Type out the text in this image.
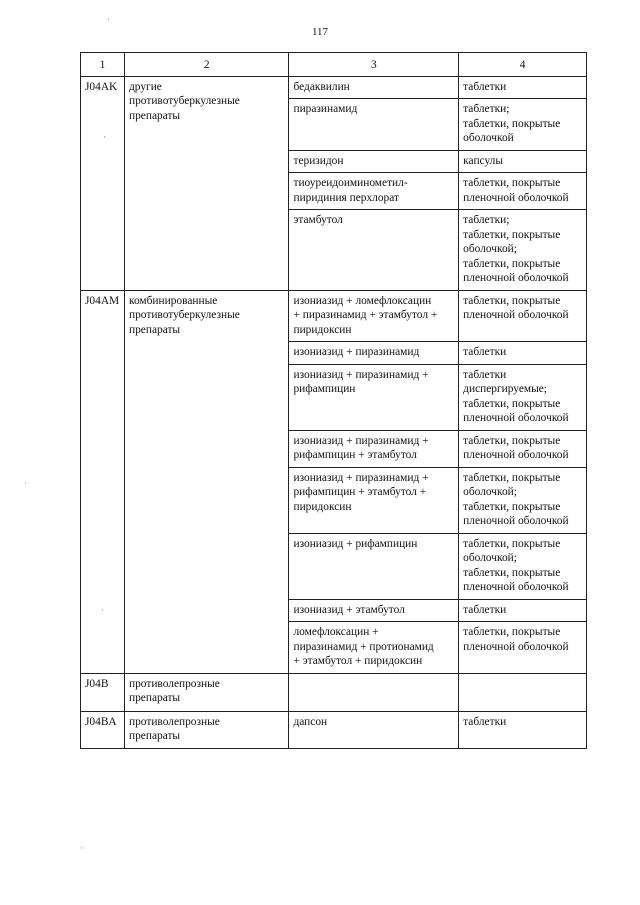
117
·
·
·
·
·
1	2	3	4
J04AK	другие
противотуберкулезные
препараты	бедаквилин	таблетки

		пиразинамид	таблетки;
таблетки, покрытые
оболочкой

		теризидон	капсулы

		тиоуреидоиминометил-
пиридиния перхлорат	таблетки, покрытые
пленочной оболочкой

		этамбутол	таблетки;
таблетки, покрытые
оболочкой;
таблетки, покрытые
пленочной оболочкой

J04AM	комбинированные
противотуберкулезные
препараты	изониазид + ломефлоксацин
+ пиразинамид + этамбутол +
пиридоксин	таблетки, покрытые
пленочной оболочкой

		изониазид + пиразинамид	таблетки

		изониазид + пиразинамид +
рифампицин	таблетки
диспергируемые;
таблетки, покрытые
пленочной оболочкой

		изониазид + пиразинамид +
рифампицин + этамбутол	таблетки, покрытые
пленочной оболочкой

		изониазид + пиразинамид +
рифампицин + этамбутол +
пиридоксин	таблетки, покрытые
оболочкой;
таблетки, покрытые
пленочной оболочкой

		изониазид + рифампицин	таблетки, покрытые
оболочкой;
таблетки, покрытые
пленочной оболочкой

		изониазид + этамбутол	таблетки

		ломефлоксацин +
пиразинамид + протионамид
+ этамбутол + пиридоксин	таблетки, покрытые
пленочной оболочкой

J04B	противолепрозные
препараты		

J04BA	противолепрозные
препараты	дапсон	таблетки
